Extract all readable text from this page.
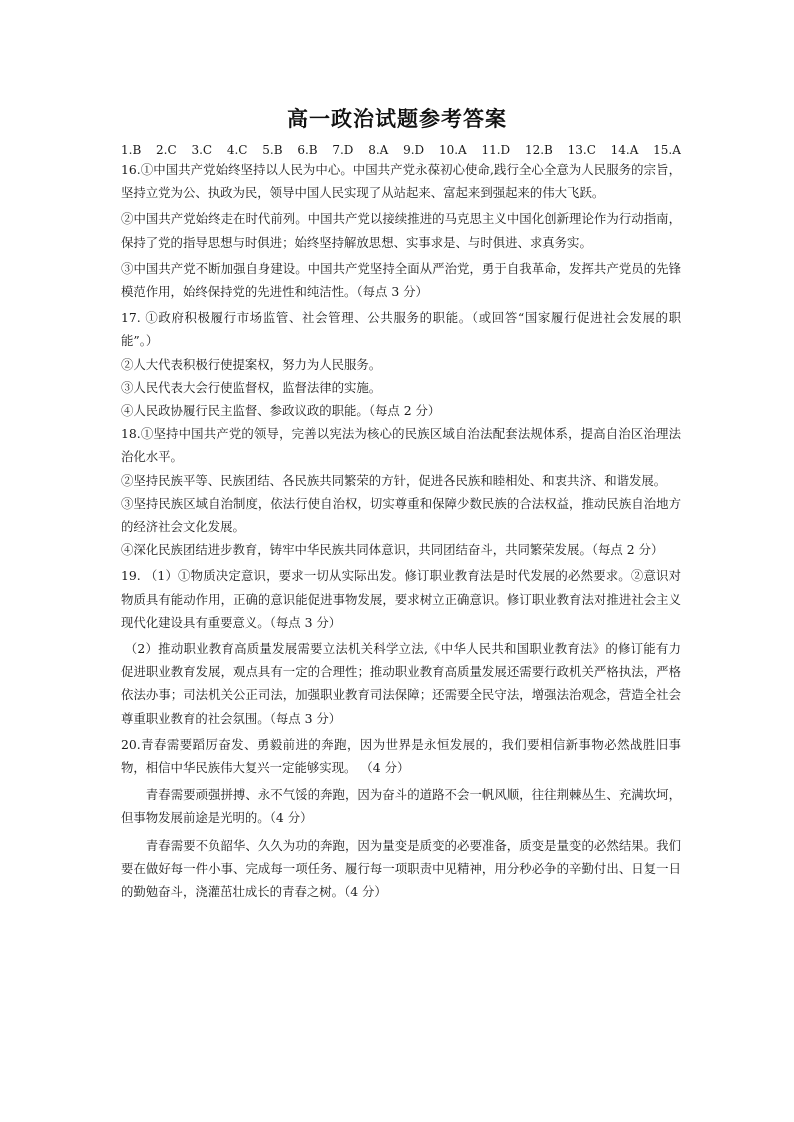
高一政治试题参考答案
1.B 2.C 3.C 4.C 5.B 6.B 7.D 8.A 9.D 10.A 11.D 12.B 13.C 14.A 15.A

16.①中国共产党始终坚持以人民为中心。中国共产党永葆初心使命,践行全心全意为人民服务的宗旨，坚持立党为公、执政为民，领导中国人民实现了从站起来、富起来到强起来的伟大飞跃。

②中国共产党始终走在时代前列。中国共产党以接续推进的马克思主义中国化创新理论作为行动指南，保持了党的指导思想与时俱进；始终坚持解放思想、实事求是、与时俱进、求真务实。

③中国共产党不断加强自身建设。中国共产党坚持全面从严治党，勇于自我革命，发挥共产党员的先锋模范作用，始终保持党的先进性和纯洁性。（每点 3 分）

17. ①政府积极履行市场监管、社会管理、公共服务的职能。（或回答“国家履行促进社会发展的职能”。）

②人大代表积极行使提案权，努力为人民服务。

③人民代表大会行使监督权，监督法律的实施。

④人民政协履行民主监督、参政议政的职能。（每点 2 分）

18.①坚持中国共产党的领导，完善以宪法为核心的民族区域自治法配套法规体系，提高自治区治理法治化水平。

②坚持民族平等、民族团结、各民族共同繁荣的方针，促进各民族和睦相处、和衷共济、和谐发展。

③坚持民族区域自治制度，依法行使自治权，切实尊重和保障少数民族的合法权益，推动民族自治地方的经济社会文化发展。

④深化民族团结进步教育，铸牢中华民族共同体意识，共同团结奋斗，共同繁荣发展。（每点 2 分）

19. （1）①物质决定意识，要求一切从实际出发。修订职业教育法是时代发展的必然要求。②意识对物质具有能动作用，正确的意识能促进事物发展，要求树立正确意识。修订职业教育法对推进社会主义现代化建设具有重要意义。（每点 3 分）

（2）推动职业教育高质量发展需要立法机关科学立法,《中华人民共和国职业教育法》的修订能有力促进职业教育发展，观点具有一定的合理性；推动职业教育高质量发展还需要行政机关严格执法，严格依法办事；司法机关公正司法，加强职业教育司法保障；还需要全民守法，增强法治观念，营造全社会尊重职业教育的社会氛围。（每点 3 分）

20.青春需要蹈厉奋发、勇毅前进的奔跑，因为世界是永恒发展的，我们要相信新事物必然战胜旧事物，相信中华民族伟大复兴一定能够实现。 （4 分）

青春需要顽强拼搏、永不气馁的奔跑，因为奋斗的道路不会一帆风顺，往往荆棘丛生、充满坎坷，但事物发展前途是光明的。（4 分）

青春需要不负韶华、久久为功的奔跑，因为量变是质变的必要准备，质变是量变的必然结果。我们要在做好每一件小事、完成每一项任务、履行每一项职责中见精神，用分秒必争的辛勤付出、日复一日的勤勉奋斗，浇灌茁壮成长的青春之树。（4 分）
